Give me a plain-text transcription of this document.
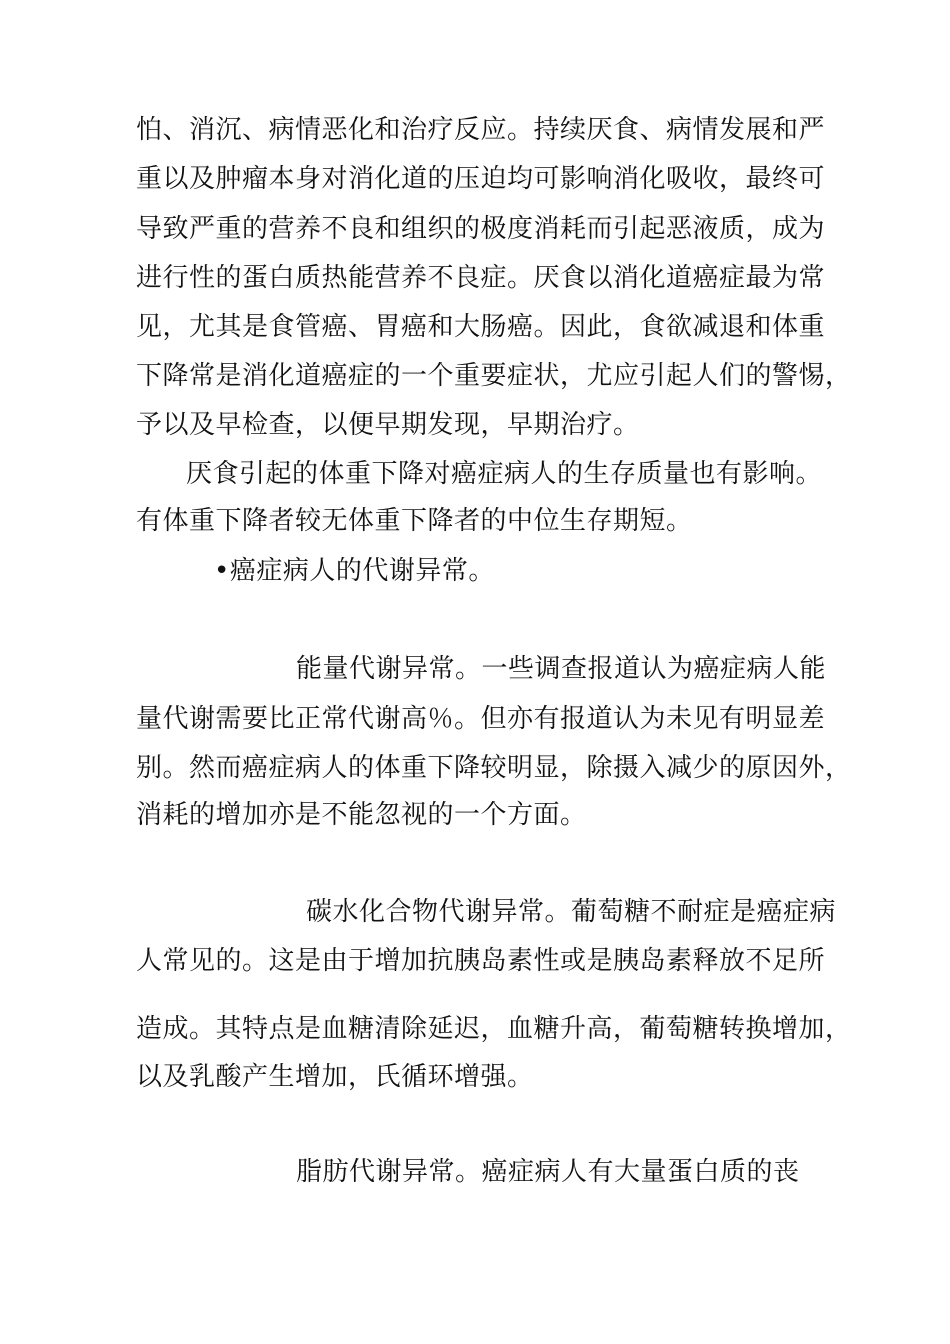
怕、消沉、病情恶化和治疗反应。持续厌食、病情发展和严
重以及肿瘤本身对消化道的压迫均可影响消化吸收，最终可
导致严重的营养不良和组织的极度消耗而引起恶液质，成为
进行性的蛋白质热能营养不良症。厌食以消化道癌症最为常
见，尤其是食管癌、胃癌和大肠癌。因此，食欲减退和体重
下降常是消化道癌症的一个重要症状，尤应引起人们的警惕，
予以及早检查，以便早期发现，早期治疗。
厌食引起的体重下降对癌症病人的生存质量也有影响。
有体重下降者较无体重下降者的中位生存期短。
•癌症病人的代谢异常。
能量代谢异常。一些调查报道认为癌症病人能
量代谢需要比正常代谢高％。但亦有报道认为未见有明显差
别。然而癌症病人的体重下降较明显，除摄入减少的原因外，
消耗的增加亦是不能忽视的一个方面。
碳水化合物代谢异常。葡萄糖不耐症是癌症病
人常见的。这是由于增加抗胰岛素性或是胰岛素释放不足所
造成。其特点是血糖清除延迟，血糖升高，葡萄糖转换增加，
以及乳酸产生增加，氏循环增强。
脂肪代谢异常。癌症病人有大量蛋白质的丧
